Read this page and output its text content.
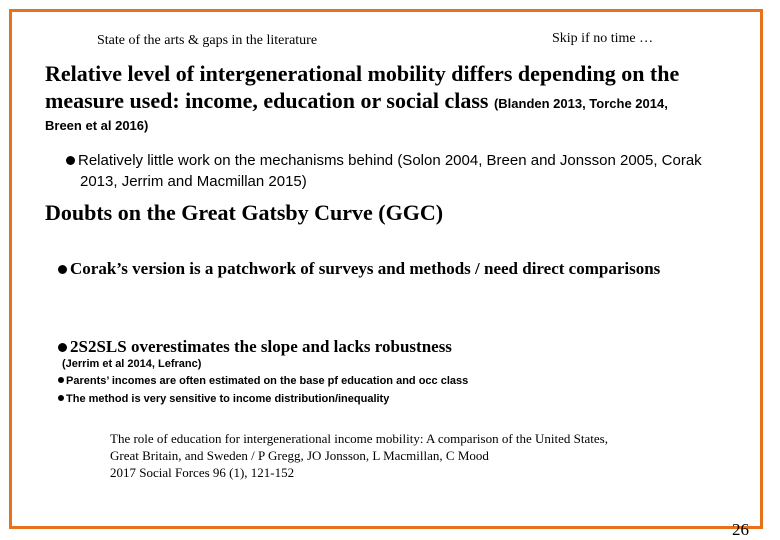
State of the arts & gaps in the literature	Skip if no time …
Relative level of intergenerational mobility differs depending on the
measure used: income, education or social class (Blanden 2013, Torche 2014,
Breen et al 2016)
Relatively little work on the mechanisms behind (Solon 2004, Breen and Jonsson 2005, Corak
2013, Jerrim and Macmillan 2015)
Doubts on the Great Gatsby Curve (GGC)
Corak’s version is a patchwork of surveys and methods / need direct comparisons
2S2SLS overestimates the slope and lacks robustness
(Jerrim et al 2014, Lefranc)
Parents’ incomes are often estimated on the base pf education and occ class
The method is very sensitive to income distribution/inequality
The role of education for intergenerational income mobility: A comparison of the United States,
Great Britain, and Sweden / P Gregg, JO Jonsson, L Macmillan, C Mood
2017 Social Forces 96 (1), 121-152
26
